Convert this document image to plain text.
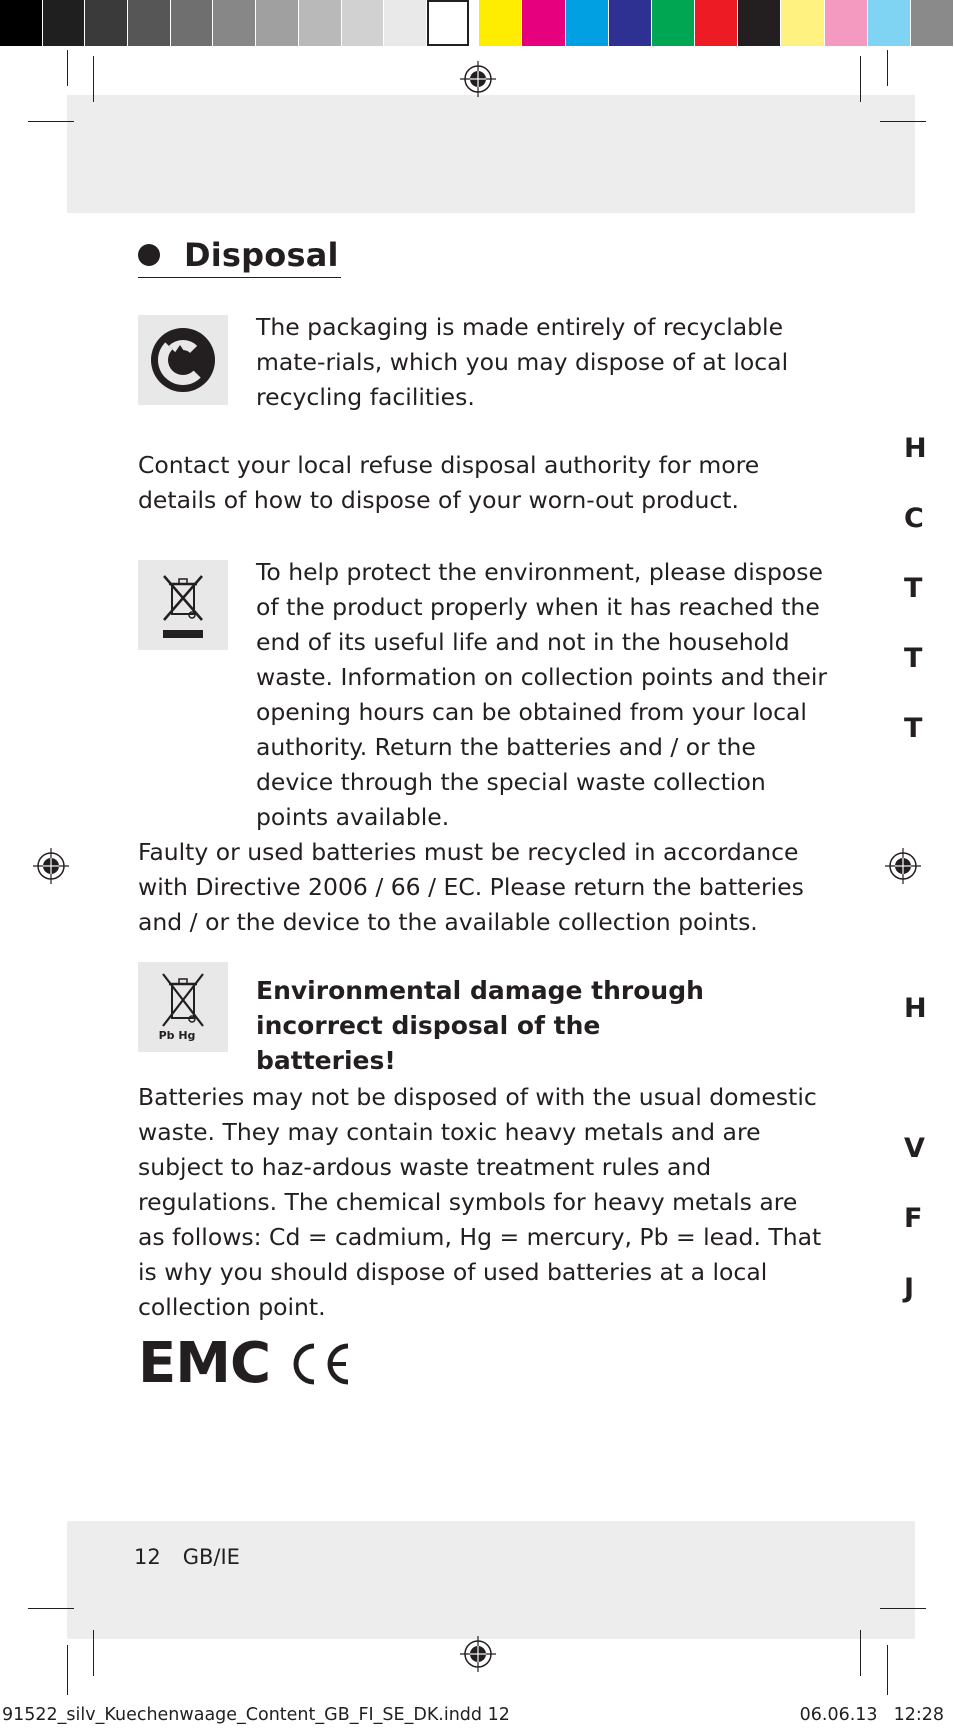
Disposal
The packaging is made entirely of recyclable mate-rials, which you may dispose of at local recycling facilities.
Contact your local refuse disposal authority for more details of how to dispose of your worn-out product.
To help protect the environment, please dispose of the product properly when it has reached the end of its useful life and not in the household waste. Information on collection points and their opening hours can be obtained from your local authority. Return the batteries and / or the device through the special waste collection points available.
Faulty or used batteries must be recycled in accordance with Directive 2006 / 66 / EC. Please return the batteries and / or the device to the available collection points.
Pb Hg
Environmental damage through incorrect disposal of the batteries!
Batteries may not be disposed of with the usual domestic waste. They may contain toxic heavy metals and are subject to haz-ardous waste treatment rules and regulations. The chemical symbols for heavy metals are as follows: Cd = cadmium, Hg = mercury, Pb = lead. That is why you should dispose of used batteries at a local collection point.
EMC
12 GB/IE
91522_silv_Kuechenwaage_Content_GB_FI_SE_DK.indd 12	06.06.13 12:28
H
C
T
T
T
H
V
F
J
